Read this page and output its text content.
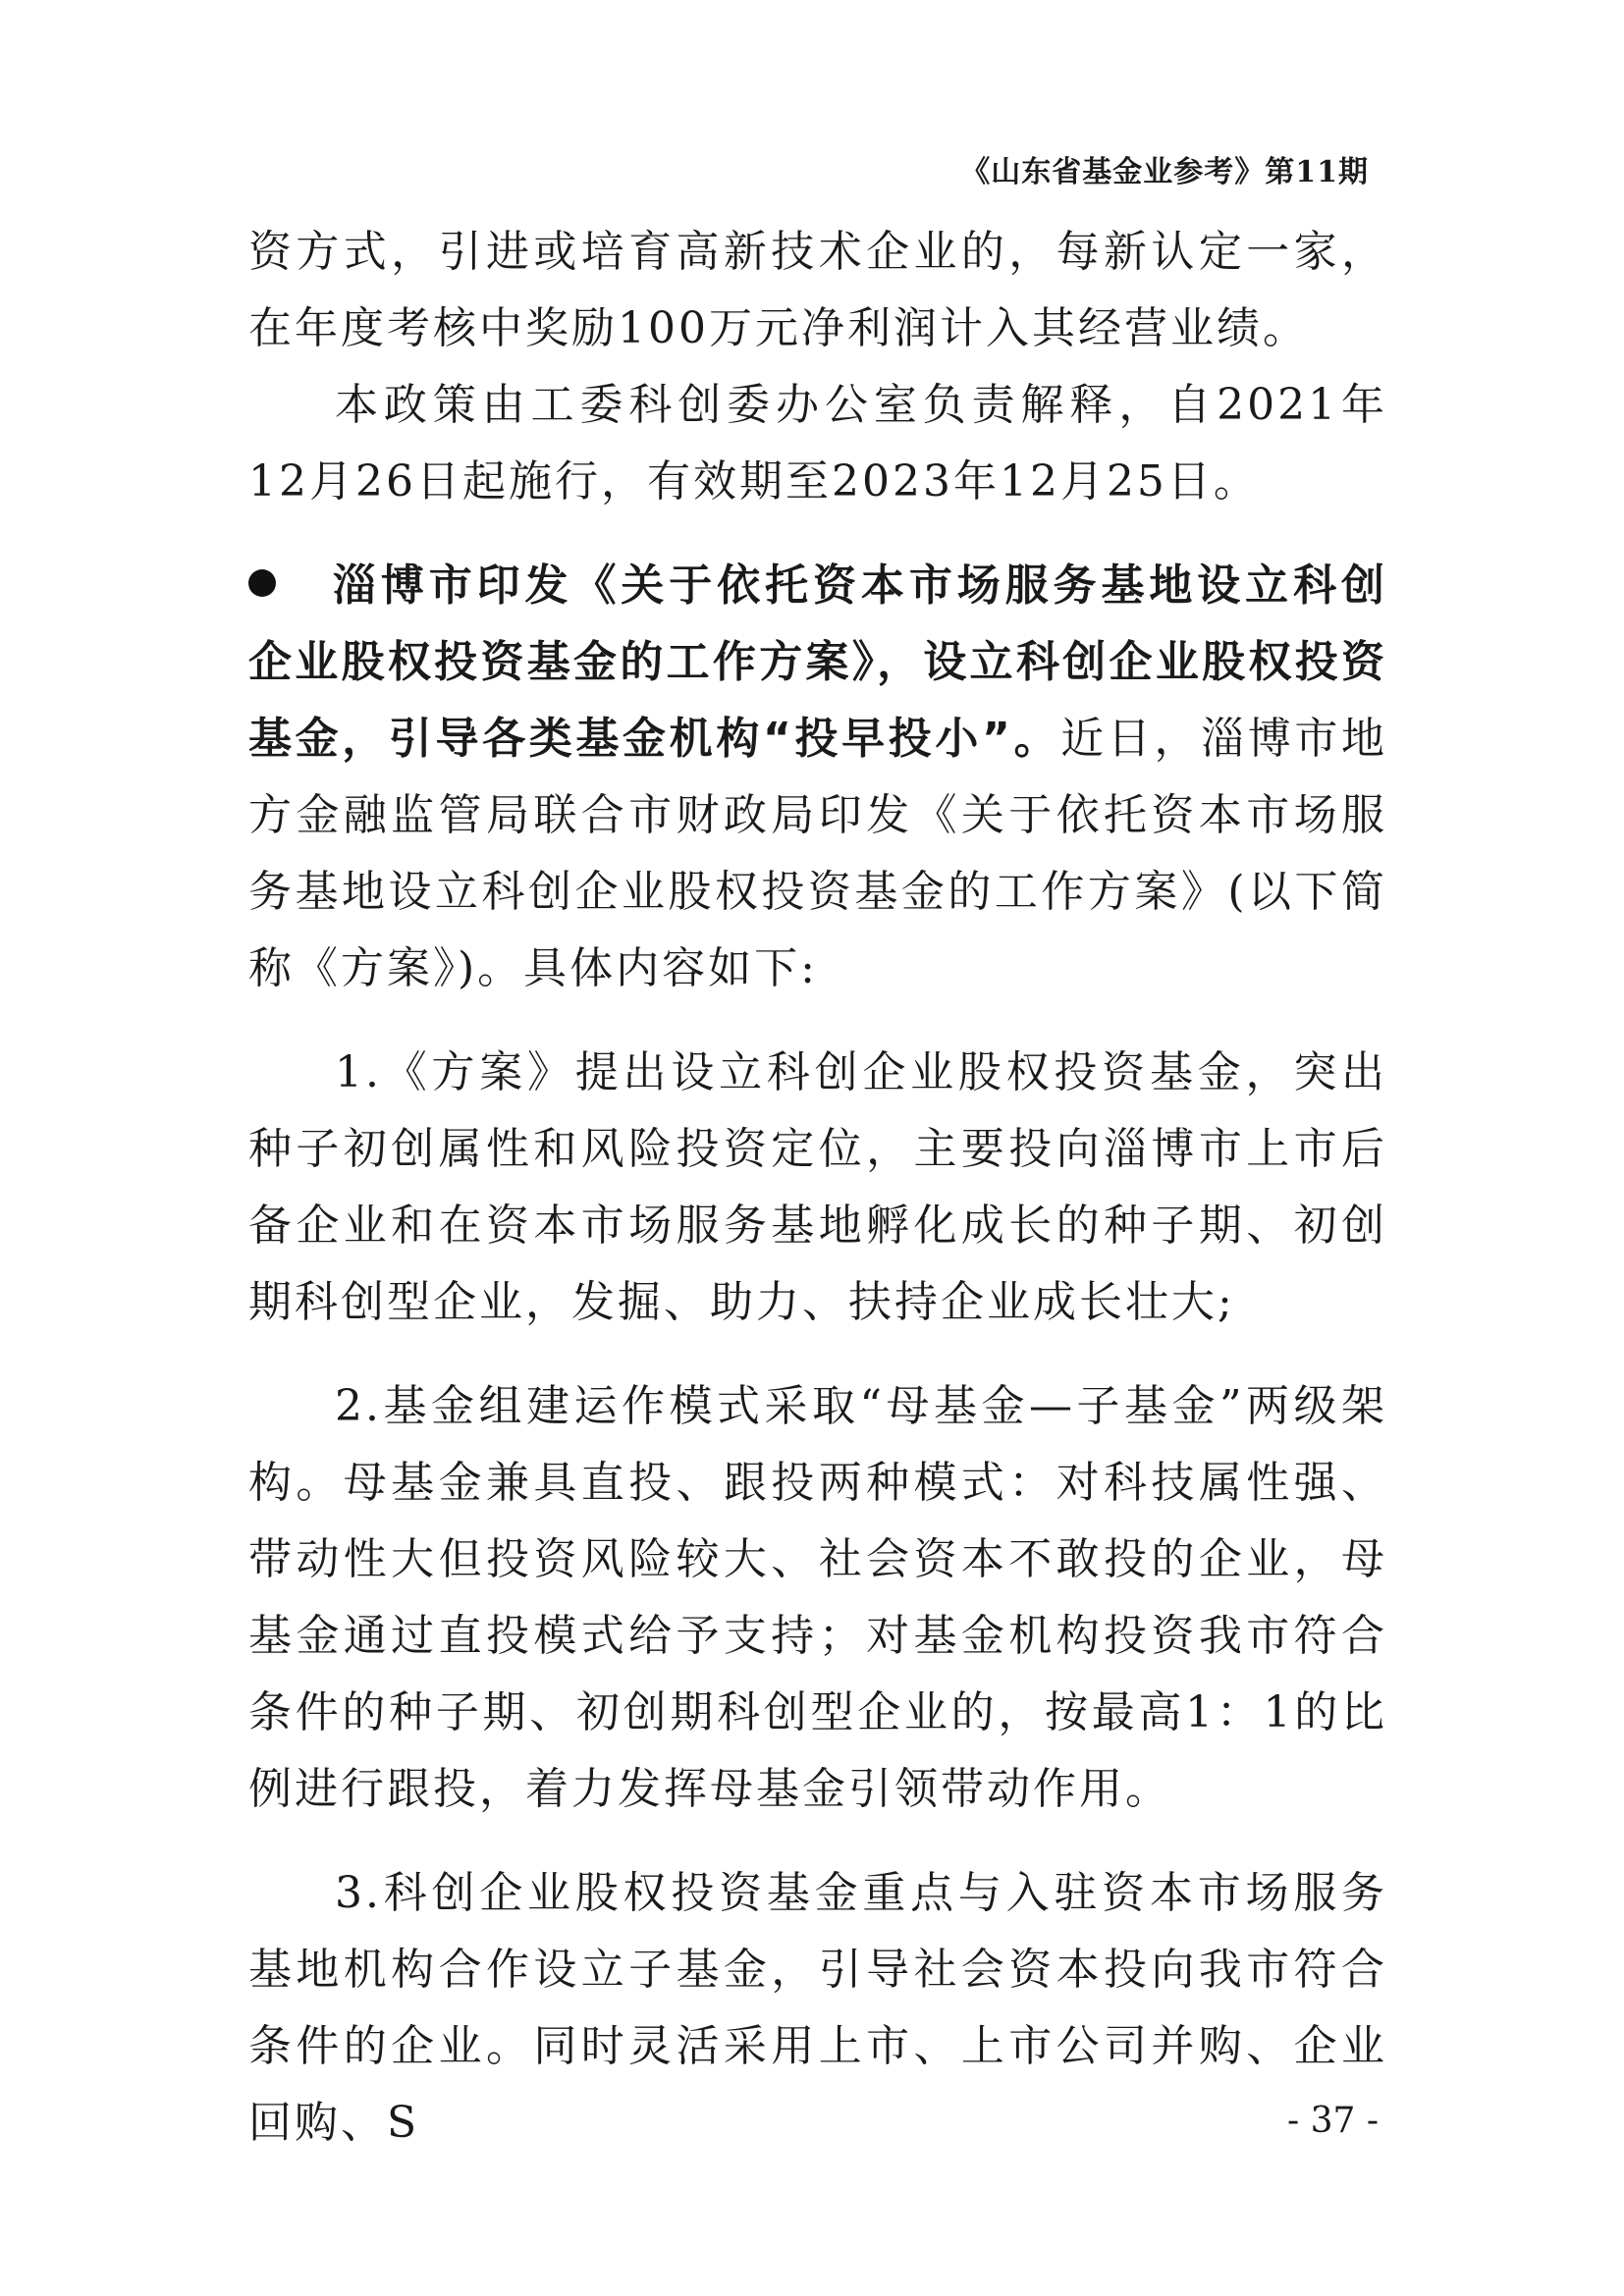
《山东省基金业参考》第11期

资方式，引进或培育高新技术企业的，每新认定一家，在年度考核中奖励100万元净利润计入其经营业绩。

本政策由工委科创委办公室负责解释，自2021年12月26日起施行，有效期至2023年12月25日。

淄博市印发《关于依托资本市场服务基地设立科创企业股权投资基金的工作方案》，设立科创企业股权投资基金，引导各类基金机构“投早投小”。近日，淄博市地方金融监管局联合市财政局印发《关于依托资本市场服务基地设立科创企业股权投资基金的工作方案》(以下简称《方案》)。具体内容如下:

1.《方案》提出设立科创企业股权投资基金，突出种子初创属性和风险投资定位，主要投向淄博市上市后备企业和在资本市场服务基地孵化成长的种子期、初创期科创型企业，发掘、助力、扶持企业成长壮大;

2.基金组建运作模式采取“母基金—子基金”两级架构。母基金兼具直投、跟投两种模式：对科技属性强、带动性大但投资风险较大、社会资本不敢投的企业，母基金通过直投模式给予支持；对基金机构投资我市符合条件的种子期、初创期科创型企业的，按最高1：1的比例进行跟投，着力发挥母基金引领带动作用。

3.科创企业股权投资基金重点与入驻资本市场服务基地机构合作设立子基金，引导社会资本投向我市符合条件的企业。同时灵活采用上市、上市公司并购、企业回购、S	- 37 -
